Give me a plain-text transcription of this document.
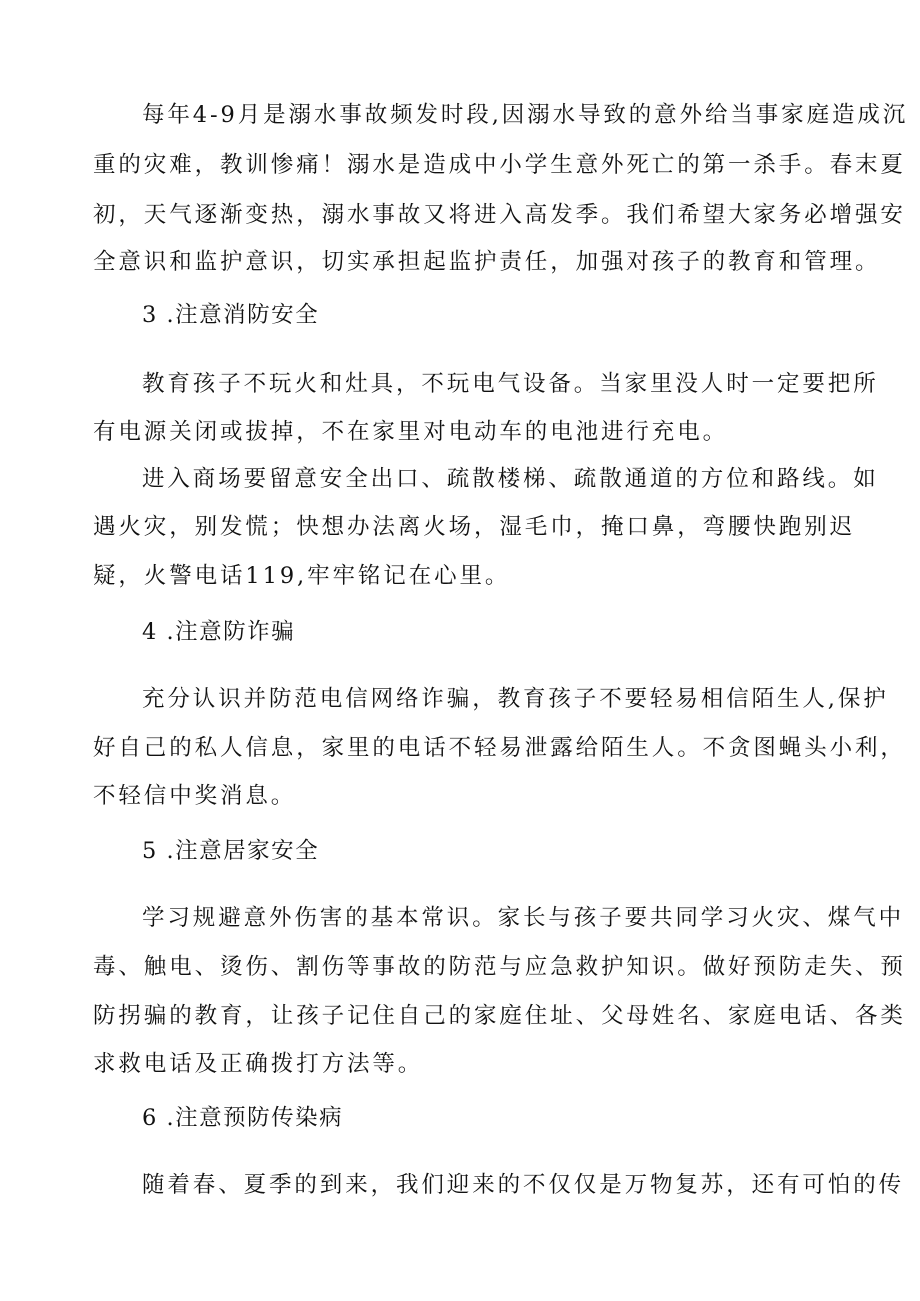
每年4-9月是溺水事故频发时段,因溺水导致的意外给当事家庭造成沉
重的灾难，教训惨痛！溺水是造成中小学生意外死亡的第一杀手。春末夏
初，天气逐渐变热，溺水事故又将进入高发季。我们希望大家务必增强安
全意识和监护意识，切实承担起监护责任，加强对孩子的教育和管理。
3 .注意消防安全
教育孩子不玩火和灶具，不玩电气设备。当家里没人时一定要把所
有电源关闭或拔掉，不在家里对电动车的电池进行充电。
进入商场要留意安全出口、疏散楼梯、疏散通道的方位和路线。如
遇火灾，别发慌；快想办法离火场，湿毛巾，掩口鼻，弯腰快跑别迟
疑，火警电话119,牢牢铭记在心里。
4 .注意防诈骗
充分认识并防范电信网络诈骗，教育孩子不要轻易相信陌生人,保护
好自己的私人信息，家里的电话不轻易泄露给陌生人。不贪图蝇头小利，
不轻信中奖消息。
5 .注意居家安全
学习规避意外伤害的基本常识。家长与孩子要共同学习火灾、煤气中
毒、触电、烫伤、割伤等事故的防范与应急救护知识。做好预防走失、预
防拐骗的教育，让孩子记住自己的家庭住址、父母姓名、家庭电话、各类
求救电话及正确拨打方法等。
6 .注意预防传染病
随着春、夏季的到来，我们迎来的不仅仅是万物复苏，还有可怕的传
